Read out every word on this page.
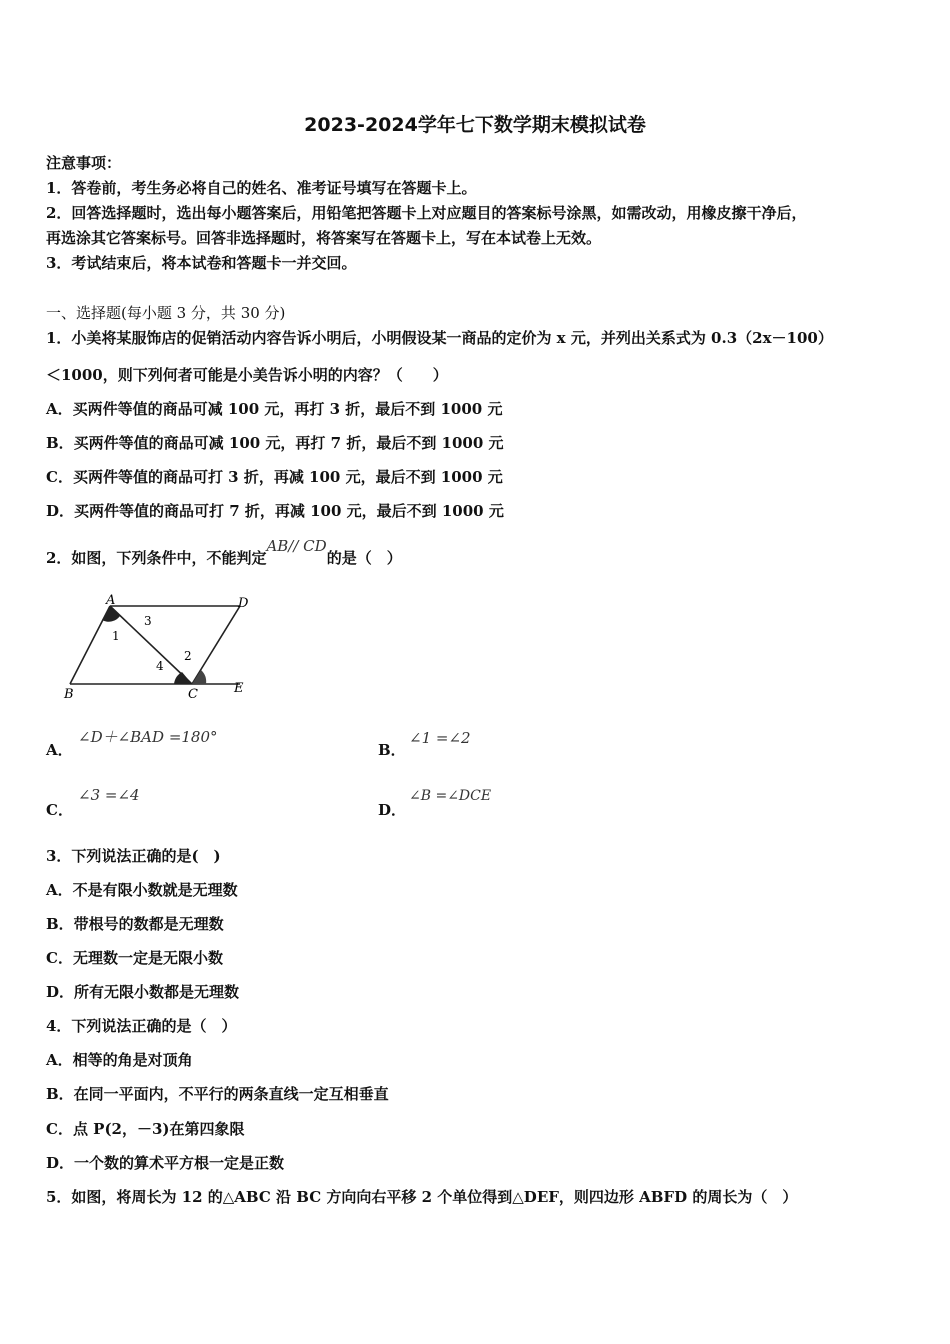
2023-2024学年七下数学期末模拟试卷
注意事项：
1．答卷前，考生务必将自己的姓名、准考证号填写在答题卡上。
2．回答选择题时，选出每小题答案后，用铅笔把答题卡上对应题目的答案标号涂黑，如需改动，用橡皮擦干净后，
再选涂其它答案标号。回答非选择题时，将答案写在答题卡上，写在本试卷上无效。
3．考试结束后，将本试卷和答题卡一并交回。
一、选择题(每小题 3 分，共 30 分)
1．小美将某服饰店的促销活动内容告诉小明后，小明假设某一商品的定价为 x 元，并列出关系式为 0.3（2x－100）
＜1000，则下列何者可能是小美告诉小明的内容？（　　）
A．买两件等值的商品可减 100 元，再打 3 折，最后不到 1000 元
B．买两件等值的商品可减 100 元，再打 7 折，最后不到 1000 元
C．买两件等值的商品可打 3 折，再减 100 元，最后不到 1000 元
D．买两件等值的商品可打 7 折，再减 100 元，最后不到 1000 元
2．如图，下列条件中，不能判定AB// CD的是（　）
A	D
B	C	E
1
3
4
2
A．
∠D＋∠BAD =180°
B．
∠1 =∠2
C．
∠3 =∠4
D．
∠B =∠DCE
3．下列说法正确的是(　)
A．不是有限小数就是无理数
B．带根号的数都是无理数
C．无理数一定是无限小数
D．所有无限小数都是无理数
4．下列说法正确的是（　）
A．相等的角是对顶角
B．在同一平面内，不平行的两条直线一定互相垂直
C．点 P(2，－3)在第四象限
D．一个数的算术平方根一定是正数
5．如图，将周长为 12 的△ABC 沿 BC 方向向右平移 2 个单位得到△DEF，则四边形 ABFD 的周长为（　）
